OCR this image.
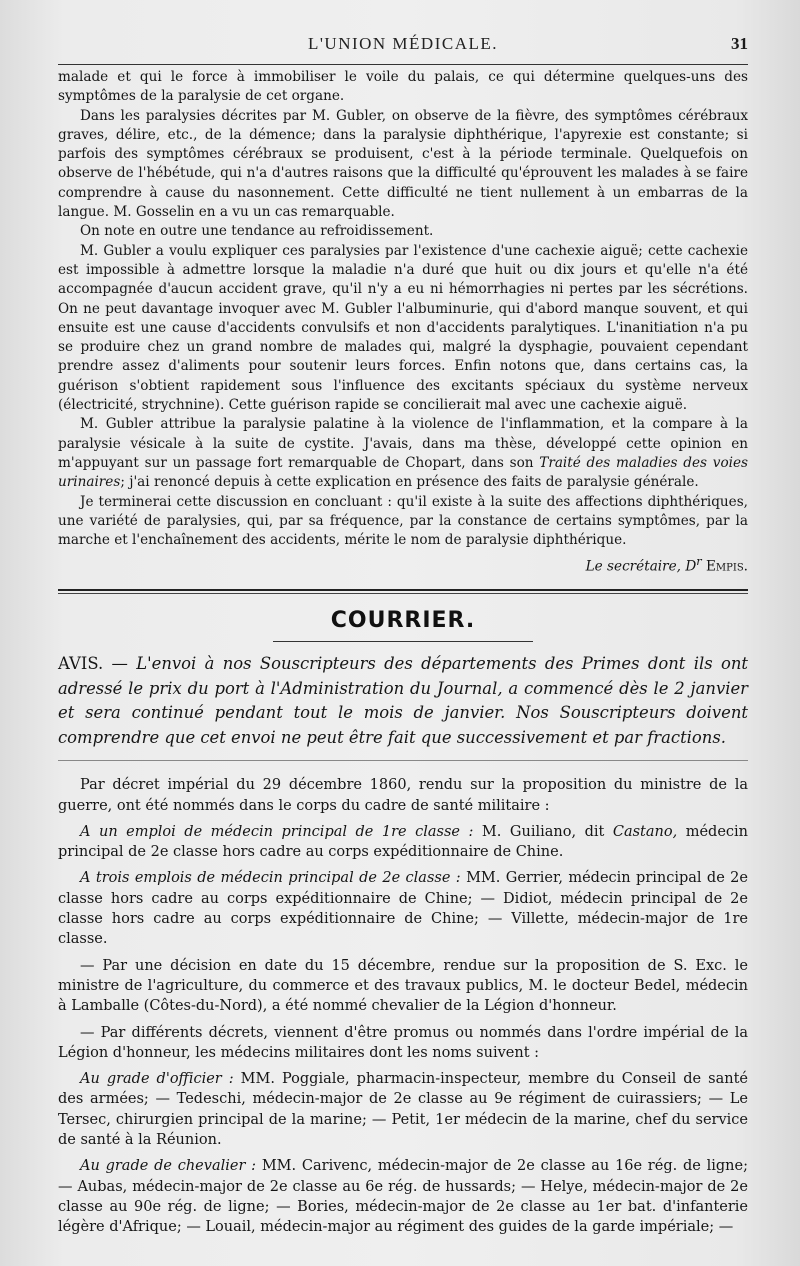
L'UNION MÉDICALE.	31

malade et qui le force à immobiliser le voile du palais, ce qui détermine quelques-uns des symptômes de la paralysie de cet organe.

Dans les paralysies décrites par M. Gubler, on observe de la fièvre, des symptômes cérébraux graves, délire, etc., de la démence; dans la paralysie diphthérique, l'apyrexie est constante; si parfois des symptômes cérébraux se produisent, c'est à la période terminale. Quelquefois on observe de l'hébétude, qui n'a d'autres raisons que la difficulté qu'éprouvent les malades à se faire comprendre à cause du nasonnement. Cette difficulté ne tient nullement à un embarras de la langue. M. Gosselin en a vu un cas remarquable.

On note en outre une tendance au refroidissement.

M. Gubler a voulu expliquer ces paralysies par l'existence d'une cachexie aiguë; cette cachexie est impossible à admettre lorsque la maladie n'a duré que huit ou dix jours et qu'elle n'a été accompagnée d'aucun accident grave, qu'il n'y a eu ni hémorrhagies ni pertes par les sécrétions. On ne peut davantage invoquer avec M. Gubler l'albuminurie, qui d'abord manque souvent, et qui ensuite est une cause d'accidents convulsifs et non d'accidents paralytiques. L'inanitiation n'a pu se produire chez un grand nombre de malades qui, malgré la dysphagie, pouvaient cependant prendre assez d'aliments pour soutenir leurs forces. Enfin notons que, dans certains cas, la guérison s'obtient rapidement sous l'influence des excitants spéciaux du système nerveux (électricité, strychnine). Cette guérison rapide se concilierait mal avec une cachexie aiguë.

M. Gubler attribue la paralysie palatine à la violence de l'inflammation, et la compare à la paralysie vésicale à la suite de cystite. J'avais, dans ma thèse, développé cette opinion en m'appuyant sur un passage fort remarquable de Chopart, dans son Traité des maladies des voies urinaires; j'ai renoncé depuis à cette explication en présence des faits de paralysie générale.

Je terminerai cette discussion en concluant : qu'il existe à la suite des affections diphthériques, une variété de paralysies, qui, par sa fréquence, par la constance de certains symptômes, par la marche et l'enchaînement des accidents, mérite le nom de paralysie diphthérique.

Le secrétaire, $D^r$ Empis.
COURRIER.

AVIS. — L'envoi à nos Souscripteurs des départements des Primes dont ils ont adressé le prix du port à l'Administration du Journal, a commencé dès le 2 janvier et sera continué pendant tout le mois de janvier. Nos Souscripteurs doivent comprendre que cet envoi ne peut être fait que successivement et par fractions.

Par décret impérial du 29 décembre 1860, rendu sur la proposition du ministre de la guerre, ont été nommés dans le corps du cadre de santé militaire :

A un emploi de médecin principal de 1re classe : M. Guiliano, dit Castano, médecin principal de 2e classe hors cadre au corps expéditionnaire de Chine.

A trois emplois de médecin principal de 2e classe : MM. Gerrier, médecin principal de 2e classe hors cadre au corps expéditionnaire de Chine; — Didiot, médecin principal de 2e classe hors cadre au corps expéditionnaire de Chine; — Villette, médecin-major de 1re classe.

— Par une décision en date du 15 décembre, rendue sur la proposition de S. Exc. le ministre de l'agriculture, du commerce et des travaux publics, M. le docteur Bedel, médecin à Lamballe (Côtes-du-Nord), a été nommé chevalier de la Légion d'honneur.

— Par différents décrets, viennent d'être promus ou nommés dans l'ordre impérial de la Légion d'honneur, les médecins militaires dont les noms suivent :

Au grade d'officier : MM. Poggiale, pharmacin-inspecteur, membre du Conseil de santé des armées; — Tedeschi, médecin-major de 2e classe au 9e régiment de cuirassiers; — Le Tersec, chirurgien principal de la marine; — Petit, 1er médecin de la marine, chef du service de santé à la Réunion.

Au grade de chevalier : MM. Carivenc, médecin-major de 2e classe au 16e rég. de ligne; — Aubas, médecin-major de 2e classe au 6e rég. de hussards; — Helye, médecin-major de 2e classe au 90e rég. de ligne; — Bories, médecin-major de 2e classe au 1er bat. d'infanterie légère d'Afrique; — Louail, médecin-major au régiment des guides de la garde impériale; —
